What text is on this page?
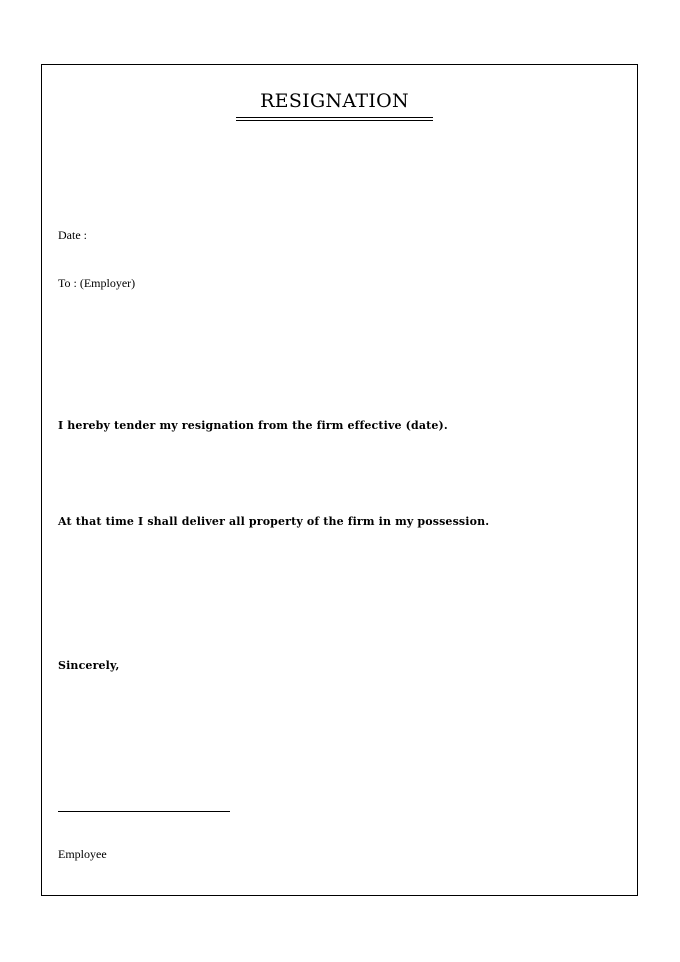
RESIGNATION
Date :
To : (Employer)
I hereby tender my resignation from the firm effective (date).
At that time I shall deliver all property of the firm in my possession.
Sincerely,
Employee
